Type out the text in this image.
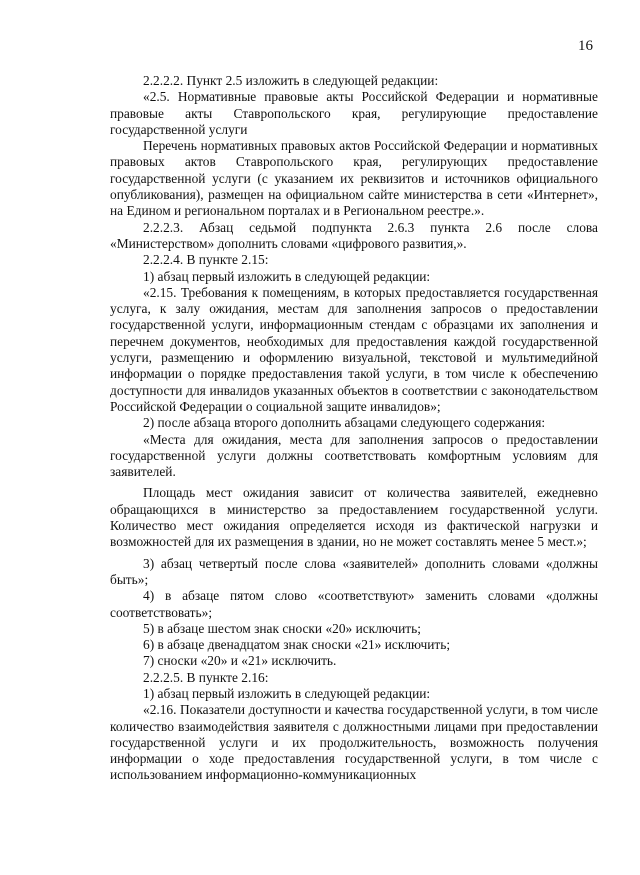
16

2.2.2.2. Пункт 2.5 изложить в следующей редакции:

«2.5. Нормативные правовые акты Российской Федерации и нормативные правовые акты Ставропольского края, регулирующие предоставление государственной услуги

Перечень нормативных правовых актов Российской Федерации и нормативных правовых актов Ставропольского края, регулирующих предоставление государственной услуги (с указанием их реквизитов и источников официального опубликования), размещен на официальном сайте министерства в сети «Интернет», на Едином и региональном порталах и в Региональном реестре.».

2.2.2.3. Абзац седьмой подпункта 2.6.3 пункта 2.6 после слова «Министерством» дополнить словами «цифрового развития,».

2.2.2.4. В пункте 2.15:

1) абзац первый изложить в следующей редакции:

«2.15. Требования к помещениям, в которых предоставляется государственная услуга, к залу ожидания, местам для заполнения запросов о предоставлении государственной услуги, информационным стендам с образцами их заполнения и перечнем документов, необходимых для предоставления каждой государственной услуги, размещению и оформлению визуальной, текстовой и мультимедийной информации о порядке предоставления такой услуги, в том числе к обеспечению доступности для инвалидов указанных объектов в соответствии с законодательством Российской Федерации о социальной защите инвалидов»;

2) после абзаца второго дополнить абзацами следующего содержания:

«Места для ожидания, места для заполнения запросов о предоставлении государственной услуги должны соответствовать комфортным условиям для заявителей.

Площадь мест ожидания зависит от количества заявителей, ежедневно обращающихся в министерство за предоставлением государственной услуги. Количество мест ожидания определяется исходя из фактической нагрузки и возможностей для их размещения в здании, но не может составлять менее 5 мест.»;

3) абзац четвертый после слова «заявителей» дополнить словами «должны быть»;

4) в абзаце пятом слово «соответствуют» заменить словами «должны соответствовать»;

5) в абзаце шестом знак сноски «20» исключить;

6) в абзаце двенадцатом знак сноски «21» исключить;

7) сноски «20» и «21» исключить.

2.2.2.5. В пункте 2.16:

1) абзац первый изложить в следующей редакции:

«2.16. Показатели доступности и качества государственной услуги, в том числе количество взаимодействия заявителя с должностными лицами при предоставлении государственной услуги и их продолжительность, возможность получения информации о ходе предоставления государственной услуги, в том числе с использованием информационно-коммуникационных
